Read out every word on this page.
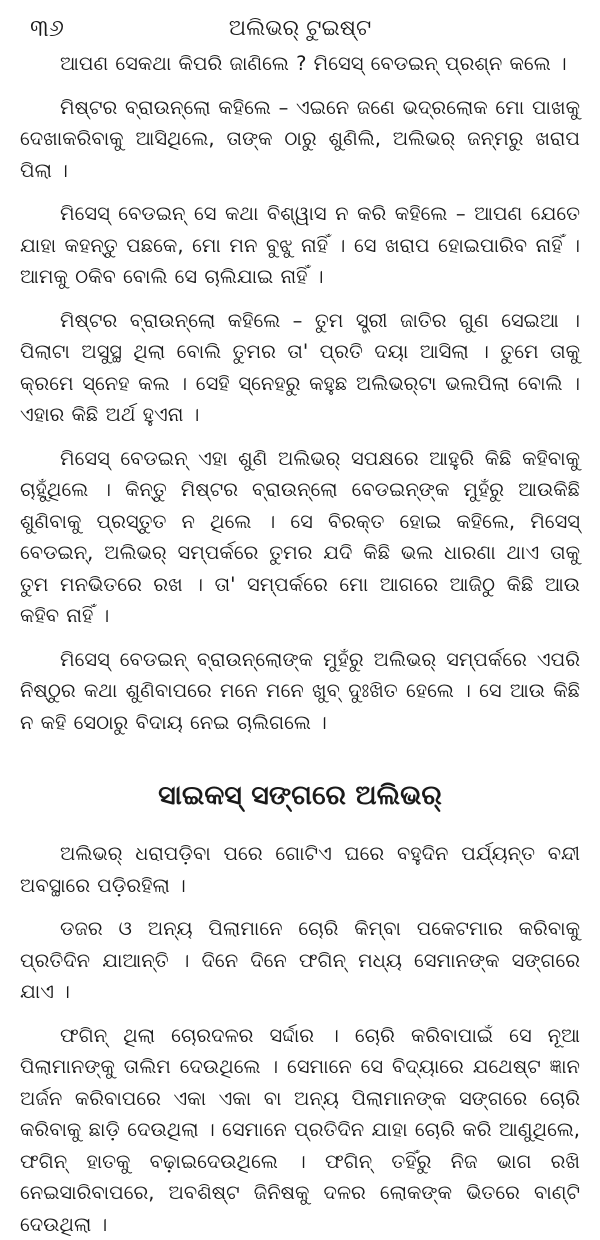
୩୬	ଅଲିଭର୍ ଟୁଇଷ୍ଟ

ଆପଣ ସେକଥା କିପରି ଜାଣିଲେ ? ମିସେସ୍ ବେଡଇନ୍ ପ୍ରଶ୍ନ କଲେ ।

ମିଷ୍ଟର ବ୍ରାଉନ୍‌ଲୋ କହିଲେ – ଏଇନେ ଜଣେ ଭଦ୍ରଲୋକ ମୋ ପାଖକୁ ଦେଖାକରିବାକୁ ଆସିଥିଲେ, ତାଙ୍କ ଠାରୁ ଶୁଣିଲି, ଅଲିଭର୍ ଜନ୍ମରୁ ଖରାପ ପିଲା ।

ମିସେସ୍ ବେଡଇନ୍ ସେ କଥା ବିଶ୍ୱାସ ନ କରି କହିଲେ – ଆପଣ ଯେତେ ଯାହା କହନ୍ତୁ ପଛକେ, ମୋ ମନ ବୁଝୁ ନାହିଁ । ସେ ଖରାପ ହୋଇପାରିବ ନାହିଁ । ଆମକୁ ଠକିବ ବୋଲି ସେ ଚାଲିଯାଇ ନାହିଁ ।

ମିଷ୍ଟର ବ୍ରାଉନ୍‌ଲୋ କହିଲେ – ତୁମ ସ୍ତ୍ରୀ ଜାତିର ଗୁଣ ସେଇଆ । ପିଲାଟା ଅସୁସ୍ଥ ଥିଲା ବୋଲି ତୁମର ତା' ପ୍ରତି ଦୟା ଆସିଲା । ତୁମେ ତାକୁ କ୍ରମେ ସ୍ନେହ କଲ । ସେହି ସ୍ନେହରୁ କହୁଛ ଅଲିଭର୍‌ଟା ଭଲପିଲା ବୋଲି । ଏହାର କିଛି ଅର୍ଥ ହୁଏନା ।

ମିସେସ୍ ବେଡଇନ୍ ଏହା ଶୁଣି ଅଲିଭର୍ ସପକ୍ଷରେ ଆହୁରି କିଛି କହିବାକୁ ଚାହୁଁଥିଲେ । କିନ୍ତୁ ମିଷ୍ଟର ବ୍ରାଉନ୍‌ଲୋ ବେଡଇନ୍‌ଙ୍କ ମୁହଁରୁ ଆଉକିଛି ଶୁଣିବାକୁ ପ୍ରସ୍ତୁତ ନ ଥିଲେ । ସେ ବିରକ୍ତ ହୋଇ କହିଲେ, ମିସେସ୍ ବେଡଇନ୍, ଅଲିଭର୍ ସମ୍ପର୍କରେ ତୁମର ଯଦି କିଛି ଭଲ ଧାରଣା ଥାଏ ତାକୁ ତୁମ ମନଭିତରେ ରଖ । ତା' ସମ୍ପର୍କରେ ମୋ ଆଗରେ ଆଜିଠୁ କିଛି ଆଉ କହିବ ନାହିଁ ।

ମିସେସ୍ ବେଡଇନ୍ ବ୍ରାଉନ୍‌ଲୋଙ୍କ ମୁହଁରୁ ଅଲିଭର୍ ସମ୍ପର୍କରେ ଏପରି ନିଷ୍ଠୁର କଥା ଶୁଣିବାପରେ ମନେ ମନେ ଖୁବ୍ ଦୁଃଖିତ ହେଲେ । ସେ ଆଉ କିଛି ନ କହି ସେଠାରୁ ବିଦାୟ ନେଇ ଚାଲିଗଲେ ।

ସାଇକସ୍ ସଙ୍ଗରେ ଅଲିଭର୍

ଅଲିଭର୍ ଧରାପଡ଼ିବା ପରେ ଗୋଟିଏ ଘରେ ବହୁଦିନ ପର୍ଯ୍ୟନ୍ତ ବନ୍ଦୀ ଅବସ୍ଥାରେ ପଡ଼ିରହିଲା ।

ଡଜର ଓ ଅନ୍ୟ ପିଲାମାନେ ଚୋରି କିମ୍ବା ପକେଟମାର କରିବାକୁ ପ୍ରତିଦିନ ଯାଆନ୍ତି । ଦିନେ ଦିନେ ଫଗିନ୍ ମଧ୍ୟ ସେମାନଙ୍କ ସଙ୍ଗରେ ଯାଏ ।

ଫଗିନ୍ ଥିଲା ଚୋରଦଳର ସର୍ଦ୍ଦାର । ଚୋରି କରିବାପାଇଁ ସେ ନୂଆ ପିଲାମାନଙ୍କୁ ତାଲିମ ଦେଉଥିଲେ । ସେମାନେ ସେ ବିଦ୍ୟାରେ ଯଥେଷ୍ଟ ଜ୍ଞାନ ଅର୍ଜନ କରିବାପରେ ଏକା ଏକା ବା ଅନ୍ୟ ପିଲାମାନଙ୍କ ସଙ୍ଗରେ ଚୋରି କରିବାକୁ ଛାଡ଼ି ଦେଉଥିଲା । ସେମାନେ ପ୍ରତିଦିନ ଯାହା ଚୋରି କରି ଆଣୁଥିଲେ, ଫଗିନ୍ ହାତକୁ ବଢ଼ାଇଦେଉଥିଲେ । ଫଗିନ୍ ତହିଁରୁ ନିଜ ଭାଗ ରଖି ନେଇସାରିବାପରେ, ଅବଶିଷ୍ଟ ଜିନିଷକୁ ଦଳର ଲୋକଙ୍କ ଭିତରେ ବାଣ୍ଟି ଦେଉଥିଲା ।
